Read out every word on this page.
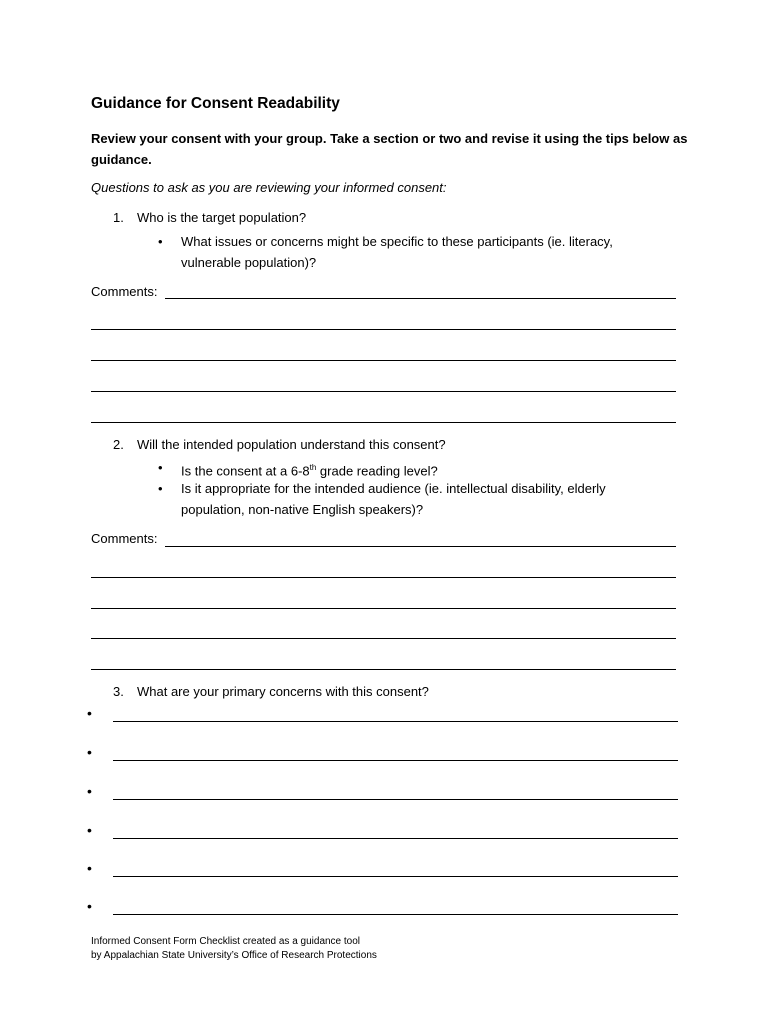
Guidance for Consent Readability
Review your consent with your group. Take a section or two and revise it using the tips below as guidance.
Questions to ask as you are reviewing your informed consent:
1. Who is the target population?
• What issues or concerns might be specific to these participants (ie. literacy, vulnerable population)?
Comments:
2. Will the intended population understand this consent?
• Is the consent at a 6-8th grade reading level?
• Is it appropriate for the intended audience (ie. intellectual disability, elderly population, non-native English speakers)?
Comments:
3. What are your primary concerns with this consent?
•
•
•
•
•
•
Informed Consent Form Checklist created as a guidance tool
by Appalachian State University’s Office of Research Protections
